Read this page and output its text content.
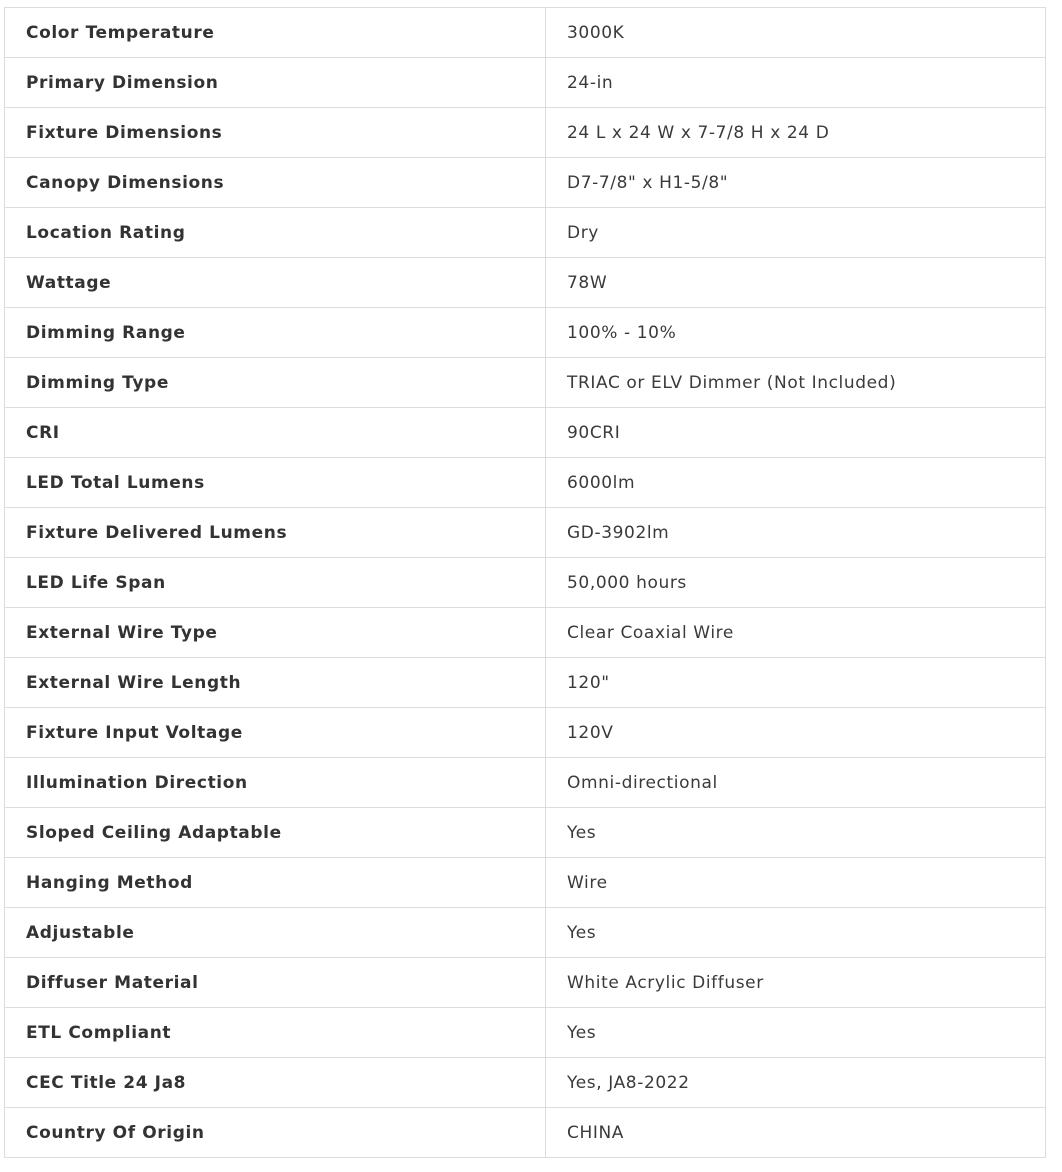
Color Temperature	3000K
Primary Dimension	24-in
Fixture Dimensions	24 L x 24 W x 7-7/8 H x 24 D
Canopy Dimensions	D7-7/8" x H1-5/8"
Location Rating	Dry
Wattage	78W
Dimming Range	100% - 10%
Dimming Type	TRIAC or ELV Dimmer (Not Included)
CRI	90CRI
LED Total Lumens	6000lm
Fixture Delivered Lumens	GD-3902lm
LED Life Span	50,000 hours
External Wire Type	Clear Coaxial Wire
External Wire Length	120"
Fixture Input Voltage	120V
Illumination Direction	Omni-directional
Sloped Ceiling Adaptable	Yes
Hanging Method	Wire
Adjustable	Yes
Diffuser Material	White Acrylic Diffuser
ETL Compliant	Yes
CEC Title 24 Ja8	Yes, JA8-2022
Country Of Origin	CHINA
